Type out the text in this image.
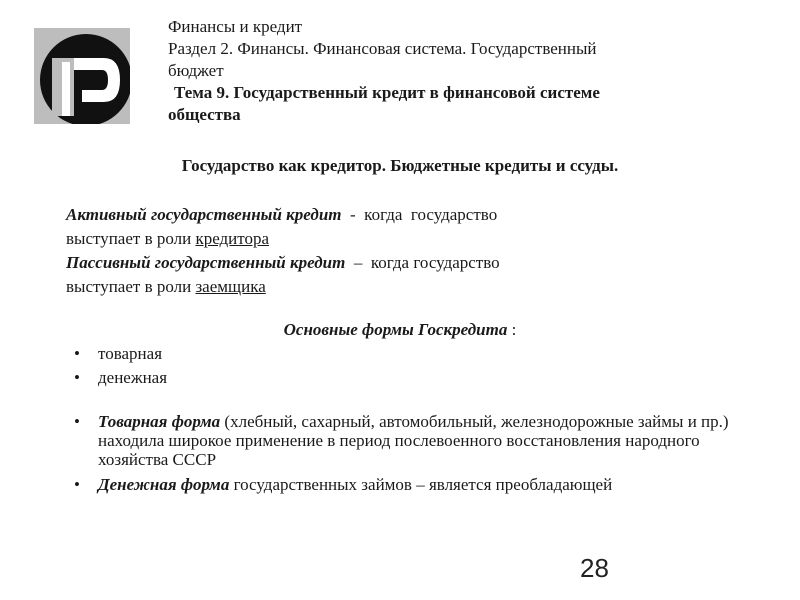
Финансы и кредит
Раздел 2. Финансы. Финансовая система. Государственный
бюджет
Тема 9. Государственный кредит в финансовой системе
общества
Государство как кредитор. Бюджетные кредиты и ссуды.
Активный государственный кредит  -  когда  государство
выступает в роли кредитора
Пассивный государственный кредит  –  когда государство
выступает в роли заемщика
Основные формы Госкредита :
• товарная
• денежная
• Товарная форма (хлебный, сахарный, автомобильный, железнодорожные займы и пр.) находила широкое применение в период послевоенного восстановления народного хозяйства СССР
• Денежная форма государственных займов – является преобладающей
28
